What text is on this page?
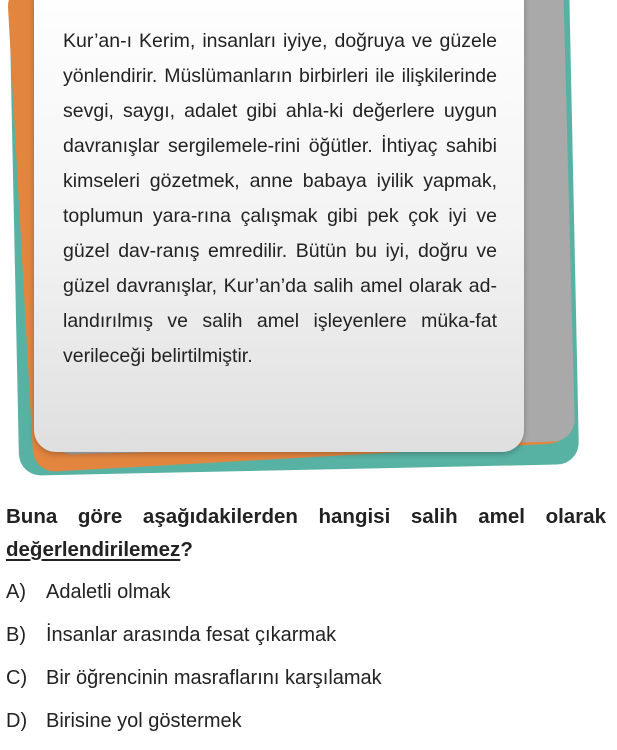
Kur’an-ı Kerim, insanları iyiye, doğruya ve güzele yönlendirir. Müslümanların birbirleri ile ilişkilerinde sevgi, saygı, adalet gibi ahla-ki değerlere uygun davranışlar sergilemele-rini öğütler. İhtiyaç sahibi kimseleri gözetmek, anne babaya iyilik yapmak, toplumun yara-rına çalışmak gibi pek çok iyi ve güzel dav-ranış emredilir. Bütün bu iyi, doğru ve güzel davranışlar, Kur’an’da salih amel olarak ad-landırılmış ve salih amel işleyenlere müka-fat verileceği belirtilmiştir.

Buna göre aşağıdakilerden hangisi salih amel olarak değerlendirilemez?

A)	Adaletli olmak
B)	İnsanlar arasında fesat çıkarmak
C) Bir öğrencinin masraflarını karşılamak
D) Birisine yol göstermek
